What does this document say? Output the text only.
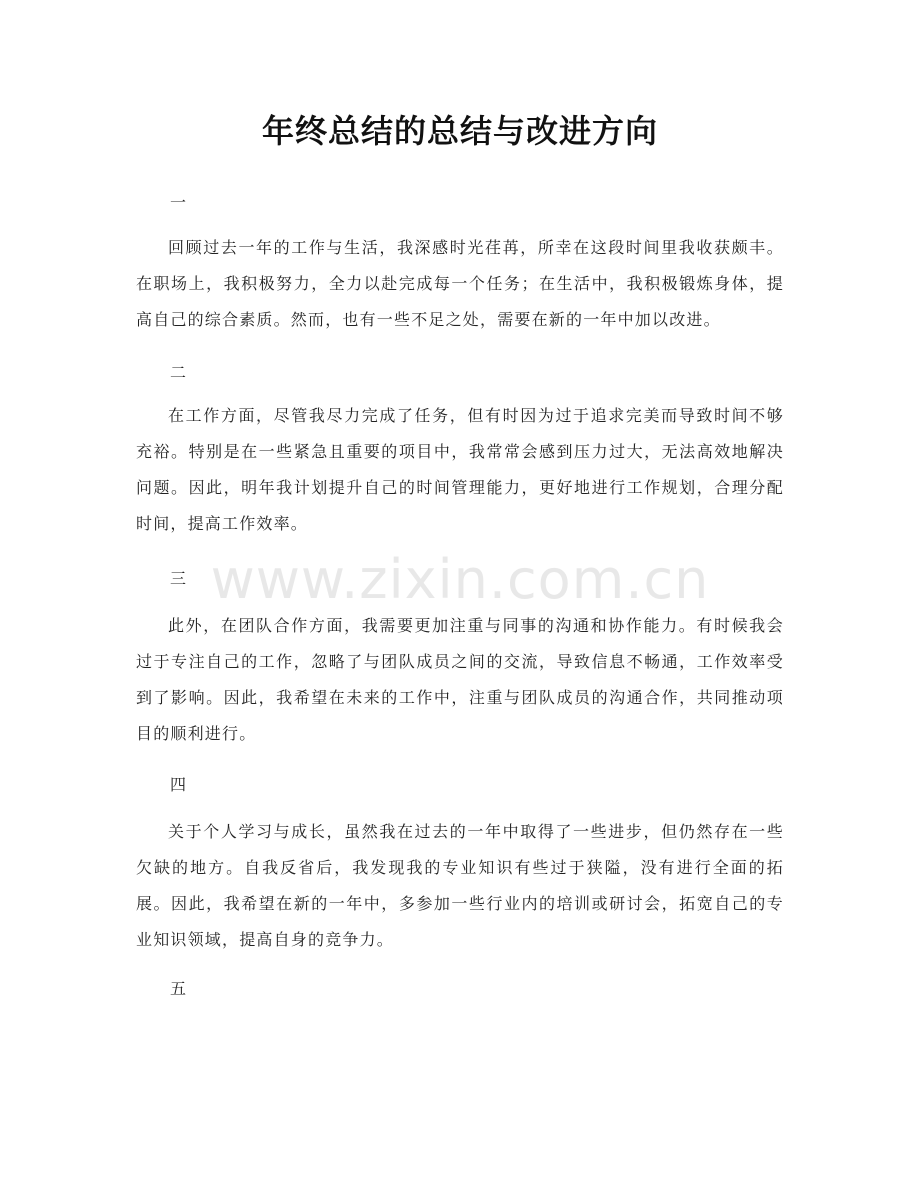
年终总结的总结与改进方向
一
回顾过去一年的工作与生活，我深感时光荏苒，所幸在这段时间里我收获颇丰。在职场上，我积极努力，全力以赴完成每一个任务；在生活中，我积极锻炼身体，提高自己的综合素质。然而，也有一些不足之处，需要在新的一年中加以改进。
二
在工作方面，尽管我尽力完成了任务，但有时因为过于追求完美而导致时间不够充裕。特别是在一些紧急且重要的项目中，我常常会感到压力过大，无法高效地解决问题。因此，明年我计划提升自己的时间管理能力，更好地进行工作规划，合理分配时间，提高工作效率。
三
此外，在团队合作方面，我需要更加注重与同事的沟通和协作能力。有时候我会过于专注自己的工作，忽略了与团队成员之间的交流，导致信息不畅通，工作效率受到了影响。因此，我希望在未来的工作中，注重与团队成员的沟通合作，共同推动项目的顺利进行。
四
关于个人学习与成长，虽然我在过去的一年中取得了一些进步，但仍然存在一些欠缺的地方。自我反省后，我发现我的专业知识有些过于狭隘，没有进行全面的拓展。因此，我希望在新的一年中，多参加一些行业内的培训或研讨会，拓宽自己的专业知识领域，提高自身的竞争力。
五
www.zixin.com.cn
